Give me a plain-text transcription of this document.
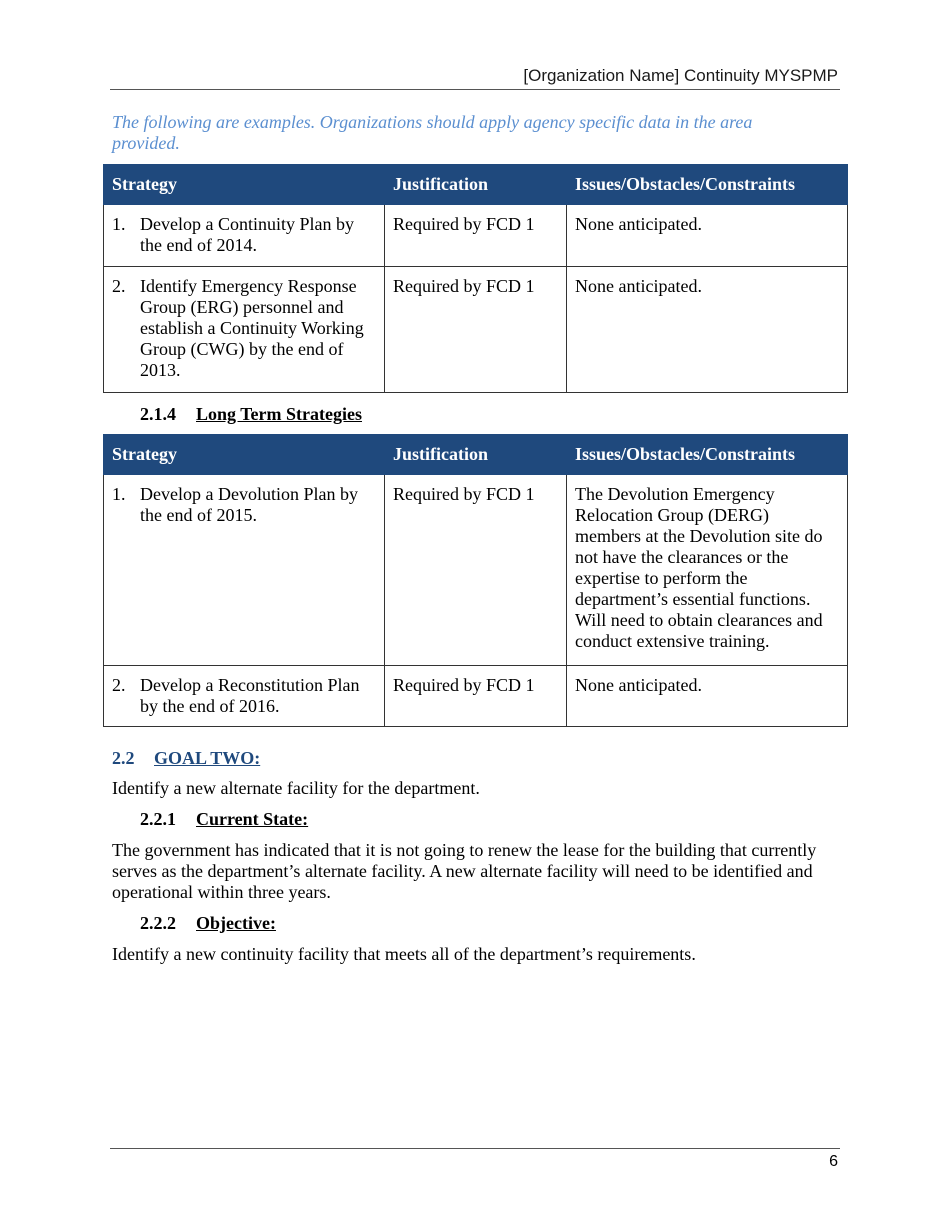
[Organization Name] Continuity MYSPMP
The following are examples. Organizations should apply agency specific data in the area provided.
Strategy	Justification	Issues/Obstacles/Constraints

1. Develop a Continuity Plan by the end of 2014.	Required by FCD 1	None anticipated.

2. Identify Emergency Response Group (ERG) personnel and establish a Continuity Working Group (CWG) by the end of 2013.	Required by FCD 1	None anticipated.
2.1.4 Long Term Strategies
Strategy	Justification	Issues/Obstacles/Constraints

1. Develop a Devolution Plan by the end of 2015.	Required by FCD 1	The Devolution Emergency Relocation Group (DERG) members at the Devolution site do not have the clearances or the expertise to perform the department’s essential functions. Will need to obtain clearances and conduct extensive training.

2. Develop a Reconstitution Plan by the end of 2016.	Required by FCD 1	None anticipated.
2.2 GOAL TWO:
Identify a new alternate facility for the department.
2.2.1 Current State:
The government has indicated that it is not going to renew the lease for the building that currently serves as the department’s alternate facility. A new alternate facility will need to be identified and operational within three years.
2.2.2 Objective:
Identify a new continuity facility that meets all of the department’s requirements.
6
